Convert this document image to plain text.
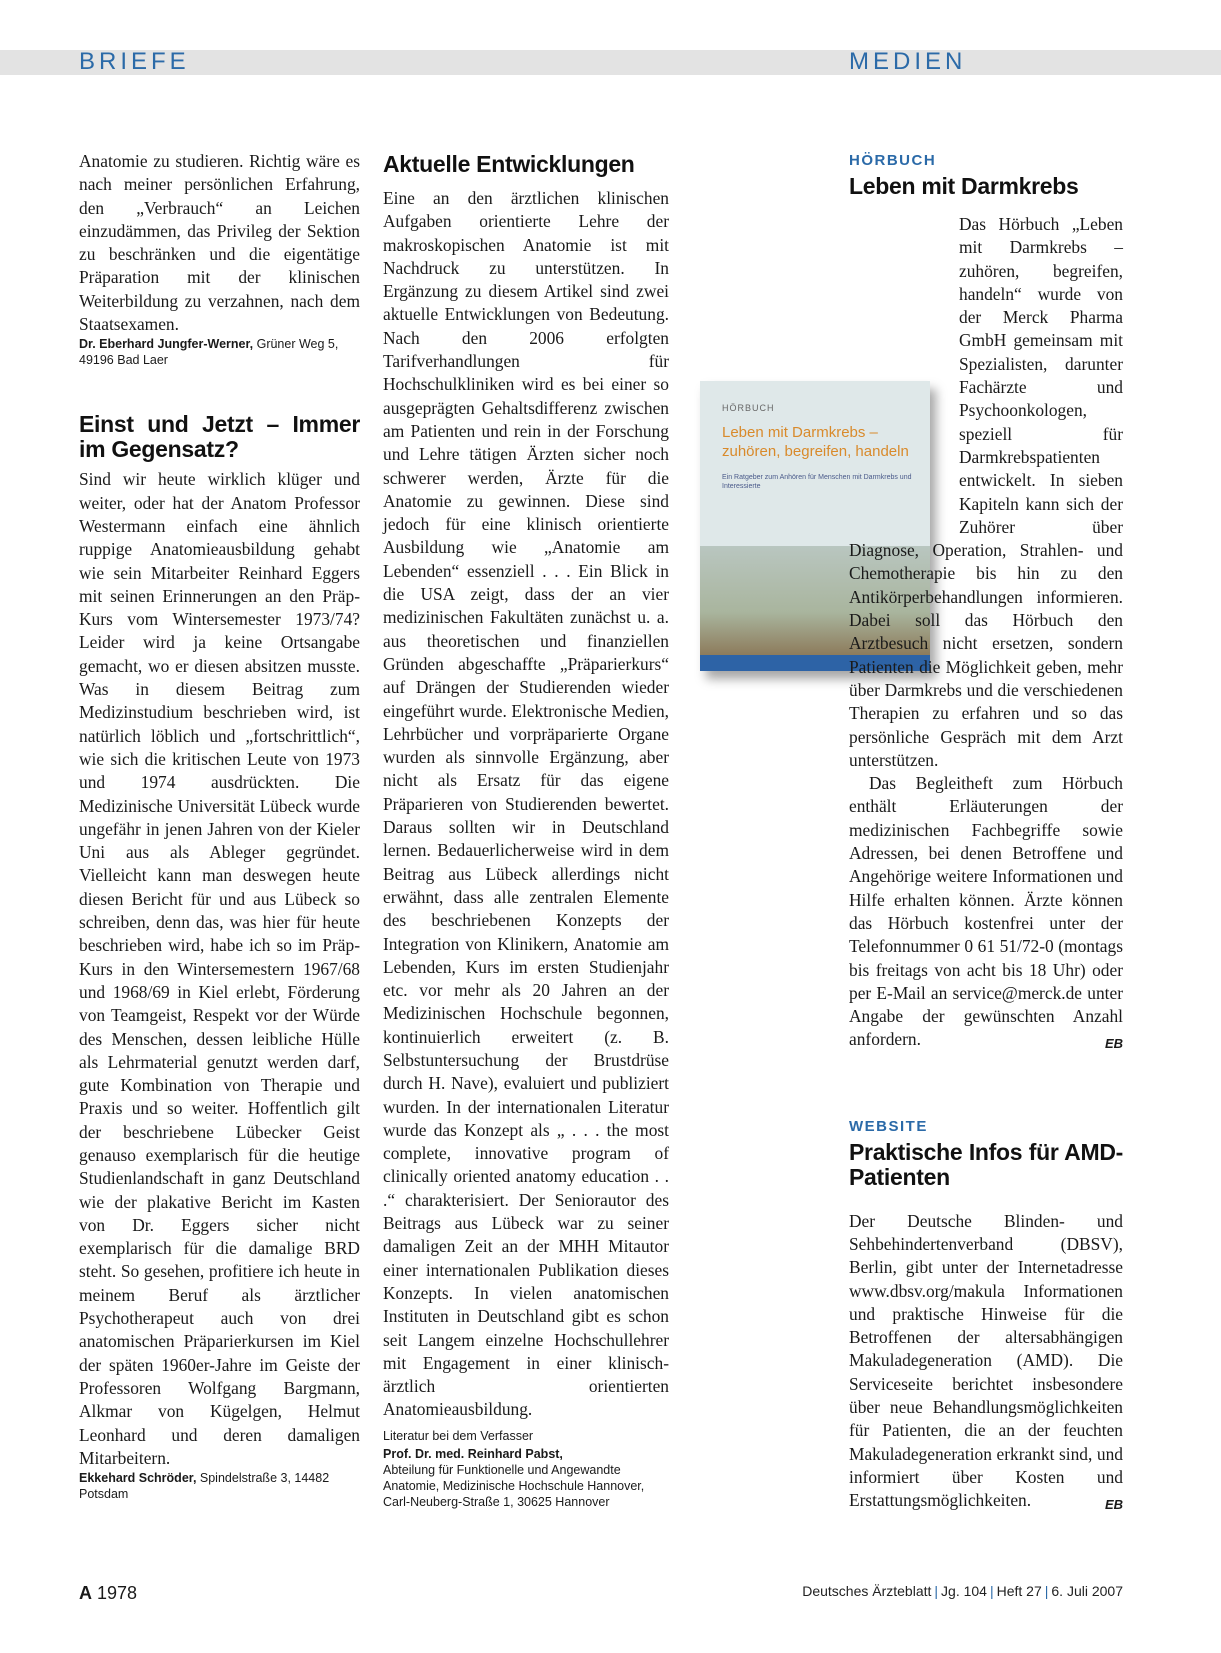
BRIEFE	MEDIEN

Anatomie zu studieren. Richtig wäre es nach meiner persönlichen Erfahrung, den „Verbrauch“ an Leichen einzudämmen, das Privileg der Sektion zu beschränken und die eigentätige Präparation mit der klinischen Weiterbildung zu verzahnen, nach dem Staatsexamen.

Dr. Eberhard Jungfer-Werner, Grüner Weg 5, 49196 Bad Laer

Einst und Jetzt – Immer im Gegensatz?

Sind wir heute wirklich klüger und weiter, oder hat der Anatom Professor Westermann einfach eine ähnlich ruppige Anatomieausbildung gehabt wie sein Mitarbeiter Reinhard Eggers mit seinen Erinnerungen an den Präp-Kurs vom Wintersemester 1973/74? Leider wird ja keine Ortsangabe gemacht, wo er diesen absitzen musste. Was in diesem Beitrag zum Medizinstudium beschrieben wird, ist natürlich löblich und „fortschrittlich“, wie sich die kritischen Leute von 1973 und 1974 ausdrückten. Die Medizinische Universität Lübeck wurde ungefähr in jenen Jahren von der Kieler Uni aus als Ableger gegründet. Vielleicht kann man deswegen heute diesen Bericht für und aus Lübeck so schreiben, denn das, was hier für heute beschrieben wird, habe ich so im Präp-Kurs in den Wintersemestern 1967/68 und 1968/69 in Kiel erlebt, Förderung von Teamgeist, Respekt vor der Würde des Menschen, dessen leibliche Hülle als Lehrmaterial genutzt werden darf, gute Kombination von Therapie und Praxis und so weiter. Hoffentlich gilt der beschriebene Lübecker Geist genauso exemplarisch für die heutige Studienlandschaft in ganz Deutschland wie der plakative Bericht im Kasten von Dr. Eggers sicher nicht exemplarisch für die damalige BRD steht. So gesehen, profitiere ich heute in meinem Beruf als ärztlicher Psychotherapeut auch von drei anatomischen Präparierkursen im Kiel der späten 1960er-Jahre im Geiste der Professoren Wolfgang Bargmann, Alkmar von Kügelgen, Helmut Leonhard und deren damaligen Mitarbeitern.

Ekkehard Schröder, Spindelstraße 3, 14482 Potsdam

Aktuelle Entwicklungen

Eine an den ärztlichen klinischen Aufgaben orientierte Lehre der makroskopischen Anatomie ist mit Nachdruck zu unterstützen. In Ergänzung zu diesem Artikel sind zwei aktuelle Entwicklungen von Bedeutung. Nach den 2006 erfolgten Tarifverhandlungen für Hochschulkliniken wird es bei einer so ausgeprägten Gehaltsdifferenz zwischen am Patienten und rein in der Forschung und Lehre tätigen Ärzten sicher noch schwerer werden, Ärzte für die Anatomie zu gewinnen. Diese sind jedoch für eine klinisch orientierte Ausbildung wie „Anatomie am Lebenden“ essenziell . . . Ein Blick in die USA zeigt, dass der an vier medizinischen Fakultäten zunächst u. a. aus theoretischen und finanziellen Gründen abgeschaffte „Präparierkurs“ auf Drängen der Studierenden wieder eingeführt wurde. Elektronische Medien, Lehrbücher und vorpräparierte Organe wurden als sinnvolle Ergänzung, aber nicht als Ersatz für das eigene Präparieren von Studierenden bewertet. Daraus sollten wir in Deutschland lernen. Bedauerlicherweise wird in dem Beitrag aus Lübeck allerdings nicht erwähnt, dass alle zentralen Elemente des beschriebenen Konzepts der Integration von Klinikern, Anatomie am Lebenden, Kurs im ersten Studienjahr etc. vor mehr als 20 Jahren an der Medizinischen Hochschule begonnen, kontinuierlich erweitert (z. B. Selbstuntersuchung der Brustdrüse durch H. Nave), evaluiert und publiziert wurden. In der internationalen Literatur wurde das Konzept als „ . . . the most complete, innovative program of clinically oriented anatomy education . . .“ charakterisiert. Der Seniorautor des Beitrags aus Lübeck war zu seiner damaligen Zeit an der MHH Mitautor einer internationalen Publikation dieses Konzepts. In vielen anatomischen Instituten in Deutschland gibt es schon seit Langem einzelne Hochschullehrer mit Engagement in einer klinisch-ärztlich orientierten Anatomieausbildung.

Literatur bei dem Verfasser

Prof. Dr. med. Reinhard Pabst,
Abteilung für Funktionelle und Angewandte Anatomie, Medizinische Hochschule Hannover, Carl-Neuberg-Straße 1, 30625 Hannover

HÖRBUCH
Leben mit Darmkrebs – zuhören, begreifen, handeln
Ein Ratgeber zum Anhören für Menschen mit Darmkrebs und Interessierte
HÖRBUCH
Leben mit Darmkrebs

Das Hörbuch „Leben mit Darmkrebs – zuhören, begreifen, handeln“ wurde von der Merck Pharma GmbH gemeinsam mit Spezialisten, darunter Fachärzte und Psychoonkologen, speziell für Darmkrebspatienten entwickelt. In sieben Kapiteln kann sich der Zuhörer über Diagnose, Operation, Strahlen- und Chemotherapie bis hin zu den Antikörperbehandlungen informieren. Dabei soll das Hörbuch den Arztbesuch nicht ersetzen, sondern Patienten die Möglichkeit geben, mehr über Darmkrebs und die verschiedenen Therapien zu erfahren und so das persönliche Gespräch mit dem Arzt unterstützen.

Das Begleitheft zum Hörbuch enthält Erläuterungen der medizinischen Fachbegriffe sowie Adressen, bei denen Betroffene und Angehörige weitere Informationen und Hilfe erhalten können. Ärzte können das Hörbuch kostenfrei unter der Telefonnummer 0 61 51/72-0 (montags bis freitags von acht bis 18 Uhr) oder per E-Mail an service@merck.de unter Angabe der gewünschten Anzahl anfordern.	EB

WEBSITE
Praktische Infos für AMD-Patienten

Der Deutsche Blinden- und Sehbehindertenverband (DBSV), Berlin, gibt unter der Internetadresse www.dbsv.org/makula Informationen und praktische Hinweise für die Betroffenen der altersabhängigen Makuladegeneration (AMD). Die Serviceseite berichtet insbesondere über neue Behandlungsmöglichkeiten für Patienten, die an der feuchten Makuladegeneration erkrankt sind, und informiert über Kosten und Erstattungsmöglichkeiten.	EB

A 1978	Deutsches Ärzteblatt | Jg. 104 | Heft 27 | 6. Juli 2007
